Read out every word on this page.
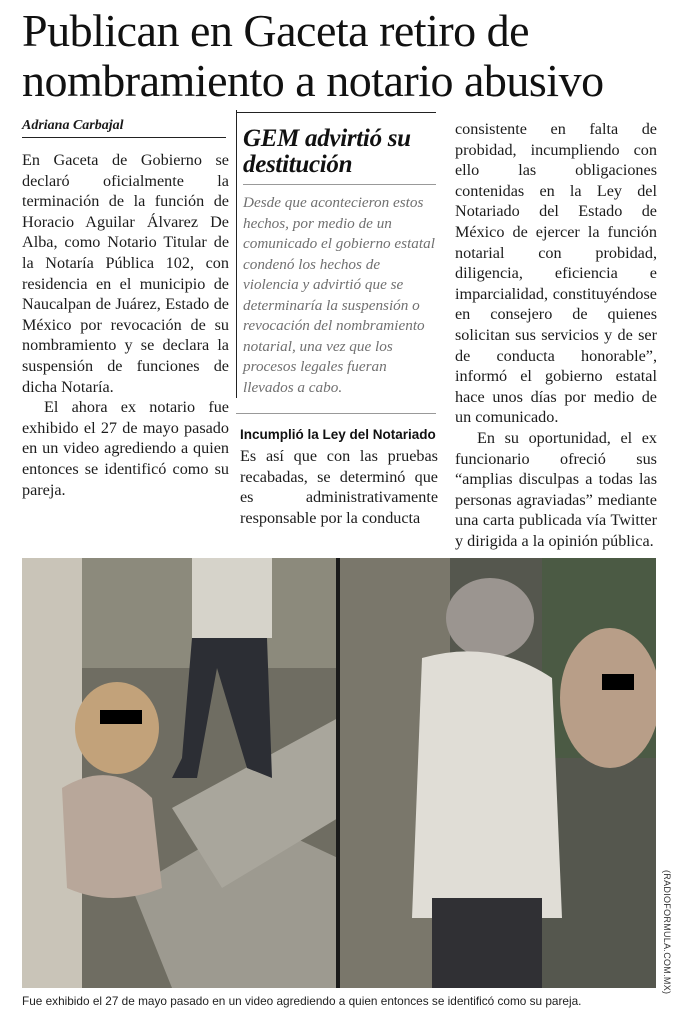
Publican en Gaceta retiro de nombramiento a notario abusivo
Adriana Carbajal

En Gaceta de Gobierno se declaró oficialmente la terminación de la función de Horacio Aguilar Álvarez De Alba, como Notario Titular de la Notaría Pública 102, con residencia en el municipio de Naucalpan de Juárez, Estado de México por revocación de su nombramiento y se declara la suspensión de funciones de dicha Notaría.

El ahora ex notario fue exhibido el 27 de mayo pasado en un video agrediendo a quien entonces se identificó como su pareja.

GEM advirtió su destitución
Desde que acontecieron estos hechos, por medio de un comunicado el gobierno estatal condenó los hechos de violencia y advirtió que se determinaría la suspensión o revocación del nombramiento notarial, una vez que los procesos legales fueran llevados a cabo.
Incumplió la Ley del Notariado

Es así que con las pruebas recabadas, se determinó que es administrativamente responsable por la conducta

consistente en falta de probidad, incumpliendo con ello las obligaciones contenidas en la Ley del Notariado del Estado de México de ejercer la función notarial con probidad, diligencia, eficiencia e imparcialidad, constituyéndose en consejero de quienes solicitan sus servicios y de ser de conducta honorable”, informó el gobierno estatal hace unos días por medio de un comunicado.

En su oportunidad, el ex funcionario ofreció sus “amplias disculpas a todas las personas agraviadas” mediante una carta publicada vía Twitter y dirigida a la opinión pública.

(RADIOFORMULA.COM.MX)
Fue exhibido el 27 de mayo pasado en un video agrediendo a quien entonces se identificó como su pareja.
